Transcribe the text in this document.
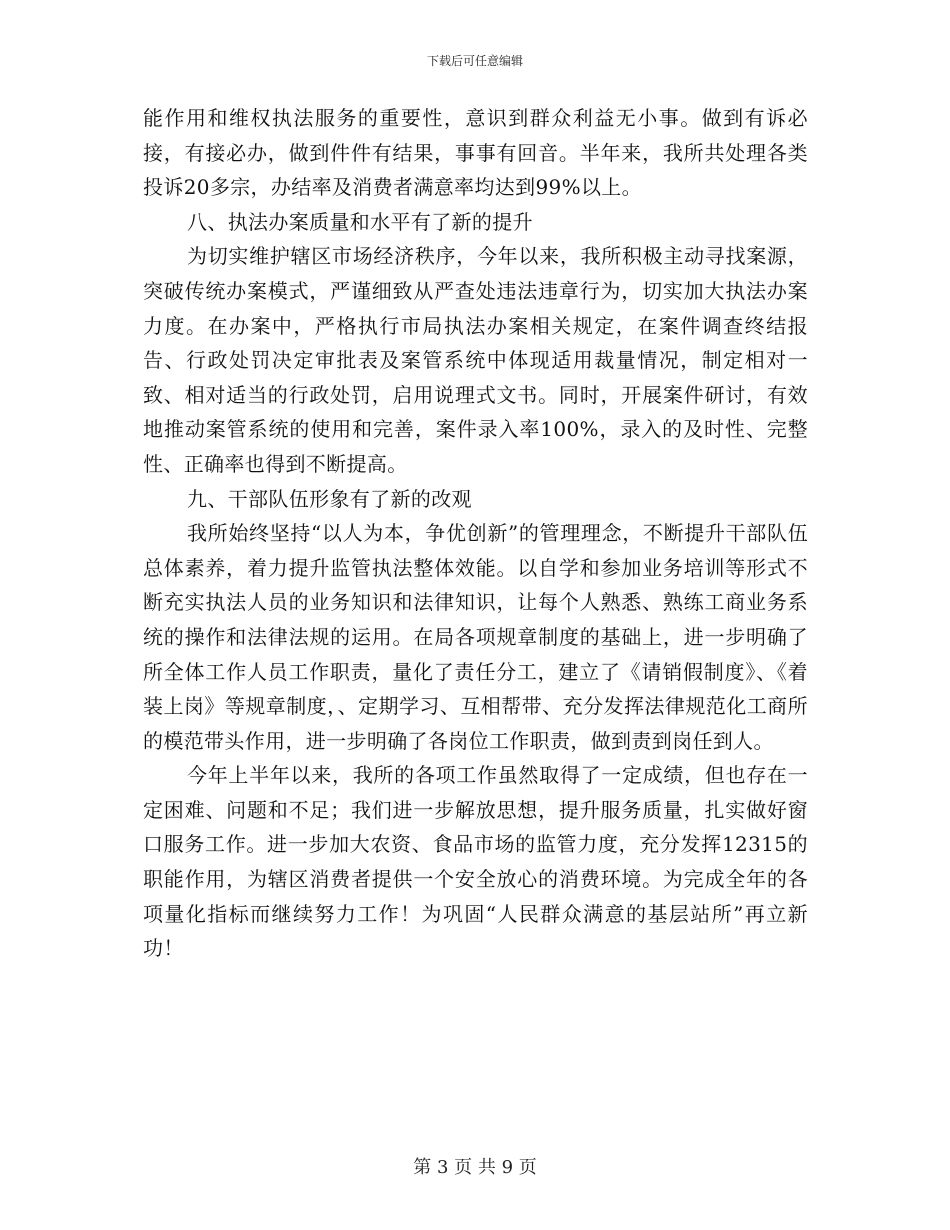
下载后可任意编辑

能作用和维权执法服务的重要性，意识到群众利益无小事。做到有诉必接，有接必办，做到件件有结果，事事有回音。半年来，我所共处理各类投诉20多宗，办结率及消费者满意率均达到99%以上。

八、执法办案质量和水平有了新的提升

为切实维护辖区市场经济秩序，今年以来，我所积极主动寻找案源，突破传统办案模式，严谨细致从严查处违法违章行为，切实加大执法办案力度。在办案中，严格执行市局执法办案相关规定，在案件调查终结报告、行政处罚决定审批表及案管系统中体现适用裁量情况，制定相对一致、相对适当的行政处罚，启用说理式文书。同时，开展案件研讨，有效地推动案管系统的使用和完善，案件录入率100%，录入的及时性、完整性、正确率也得到不断提高。

九、干部队伍形象有了新的改观

我所始终坚持“以人为本，争优创新”的管理理念，不断提升干部队伍总体素养，着力提升监管执法整体效能。以自学和参加业务培训等形式不断充实执法人员的业务知识和法律知识，让每个人熟悉、熟练工商业务系统的操作和法律法规的运用。在局各项规章制度的基础上，进一步明确了所全体工作人员工作职责，量化了责任分工，建立了《请销假制度》、《着装上岗》等规章制度，、定期学习、互相帮带、充分发挥法律规范化工商所的模范带头作用，进一步明确了各岗位工作职责，做到责到岗任到人。

今年上半年以来，我所的各项工作虽然取得了一定成绩，但也存在一定困难、问题和不足；我们进一步解放思想，提升服务质量，扎实做好窗口服务工作。进一步加大农资、食品市场的监管力度，充分发挥12315的职能作用，为辖区消费者提供一个安全放心的消费环境。为完成全年的各项量化指标而继续努力工作！为巩固“人民群众满意的基层站所”再立新功！

第 3 页 共 9 页
